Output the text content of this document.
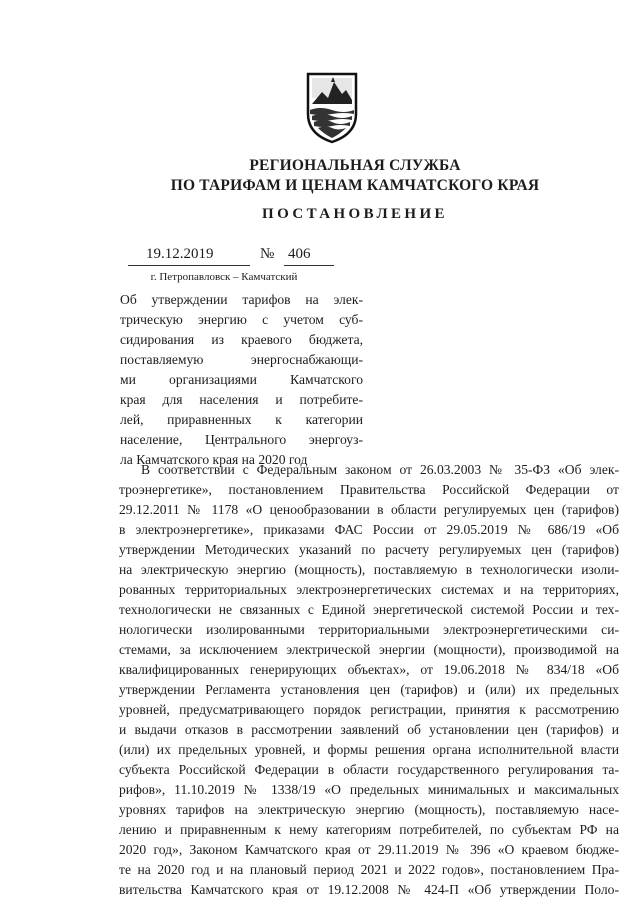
РЕГИОНАЛЬНАЯ СЛУЖБА
ПО ТАРИФАМ И ЦЕНАМ КАМЧАТСКОГО КРАЯ
ПОСТАНОВЛЕНИЕ
19.12.2019	№ 406
г. Петропавловск – Камчатский
Об утверждении тарифов на элек-
трическую энергию с учетом суб-
сидирования из краевого бюджета,
поставляемую энергоснабжающи-
ми организациями Камчатского
края для населения и потребите-
лей, приравненных к категории
население, Центрального энергоуз-
ла Камчатского края на 2020 год
В соответствии с Федеральным законом от 26.03.2003 № 35-ФЗ «Об элек-
троэнергетике», постановлением Правительства Российской Федерации от
29.12.2011 № 1178 «О ценообразовании в области регулируемых цен (тарифов)
в электроэнергетике», приказами ФАС России от 29.05.2019 № 686/19 «Об
утверждении Методических указаний по расчету регулируемых цен (тарифов)
на электрическую энергию (мощность), поставляемую в технологически изоли-
рованных территориальных электроэнергетических системах и на территориях,
технологически не связанных с Единой энергетической системой России и тех-
нологически изолированными территориальными электроэнергетическими си-
стемами, за исключением электрической энергии (мощности), производимой на
квалифицированных генерирующих объектах», от 19.06.2018 № 834/18 «Об
утверждении Регламента установления цен (тарифов) и (или) их предельных
уровней, предусматривающего порядок регистрации, принятия к рассмотрению
и выдачи отказов в рассмотрении заявлений об установлении цен (тарифов) и
(или) их предельных уровней, и формы решения органа исполнительной власти
субъекта Российской Федерации в области государственного регулирования та-
рифов», 11.10.2019 № 1338/19 «О предельных минимальных и максимальных
уровнях тарифов на электрическую энергию (мощность), поставляемую насе-
лению и приравненным к нему категориям потребителей, по субъектам РФ на
2020 год», Законом Камчатского края от 29.11.2019 № 396 «О краевом бюдже-
те на 2020 год и на плановый период 2021 и 2022 годов», постановлением Пра-
вительства Камчатского края от 19.12.2008 № 424-П «Об утверждении Поло-
